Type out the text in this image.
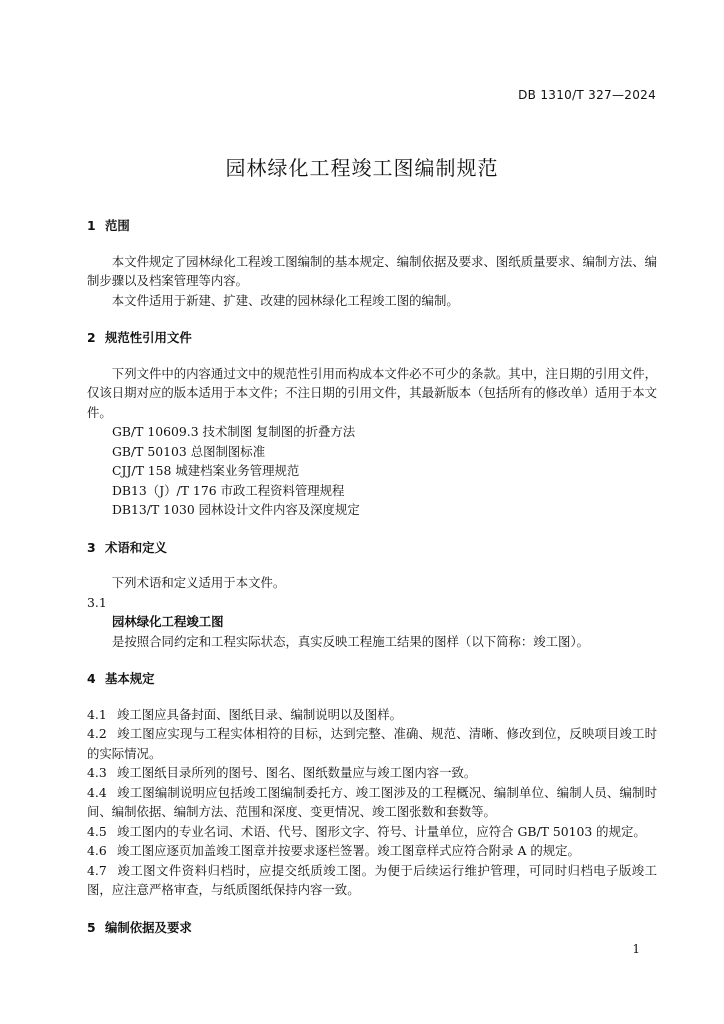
DB 1310/T 327—2024
园林绿化工程竣工图编制规范

1 范围

本文件规定了园林绿化工程竣工图编制的基本规定、编制依据及要求、图纸质量要求、编制方法、编制步骤以及档案管理等内容。

本文件适用于新建、扩建、改建的园林绿化工程竣工图的编制。

2 规范性引用文件

下列文件中的内容通过文中的规范性引用而构成本文件必不可少的条款。其中，注日期的引用文件，仅该日期对应的版本适用于本文件；不注日期的引用文件，其最新版本（包括所有的修改单）适用于本文件。

GB/T 10609.3 技术制图 复制图的折叠方法

GB/T 50103 总图制图标准

CJJ/T 158 城建档案业务管理规范

DB13（J）/T 176 市政工程资料管理规程

DB13/T 1030 园林设计文件内容及深度规定

3 术语和定义

下列术语和定义适用于本文件。

3.1

园林绿化工程竣工图

是按照合同约定和工程实际状态，真实反映工程施工结果的图样（以下简称：竣工图）。

4 基本规定

4.1 竣工图应具备封面、图纸目录、编制说明以及图样。

4.2 竣工图应实现与工程实体相符的目标，达到完整、准确、规范、清晰、修改到位，反映项目竣工时的实际情况。

4.3 竣工图纸目录所列的图号、图名、图纸数量应与竣工图内容一致。

4.4 竣工图编制说明应包括竣工图编制委托方、竣工图涉及的工程概况、编制单位、编制人员、编制时间、编制依据、编制方法、范围和深度、变更情况、竣工图张数和套数等。

4.5 竣工图内的专业名词、术语、代号、图形文字、符号、计量单位，应符合 GB/T 50103 的规定。

4.6 竣工图应逐页加盖竣工图章并按要求逐栏签署。竣工图章样式应符合附录 A 的规定。

4.7 竣工图文件资料归档时，应提交纸质竣工图。为便于后续运行维护管理，可同时归档电子版竣工图，应注意严格审查，与纸质图纸保持内容一致。

5 编制依据及要求

1
